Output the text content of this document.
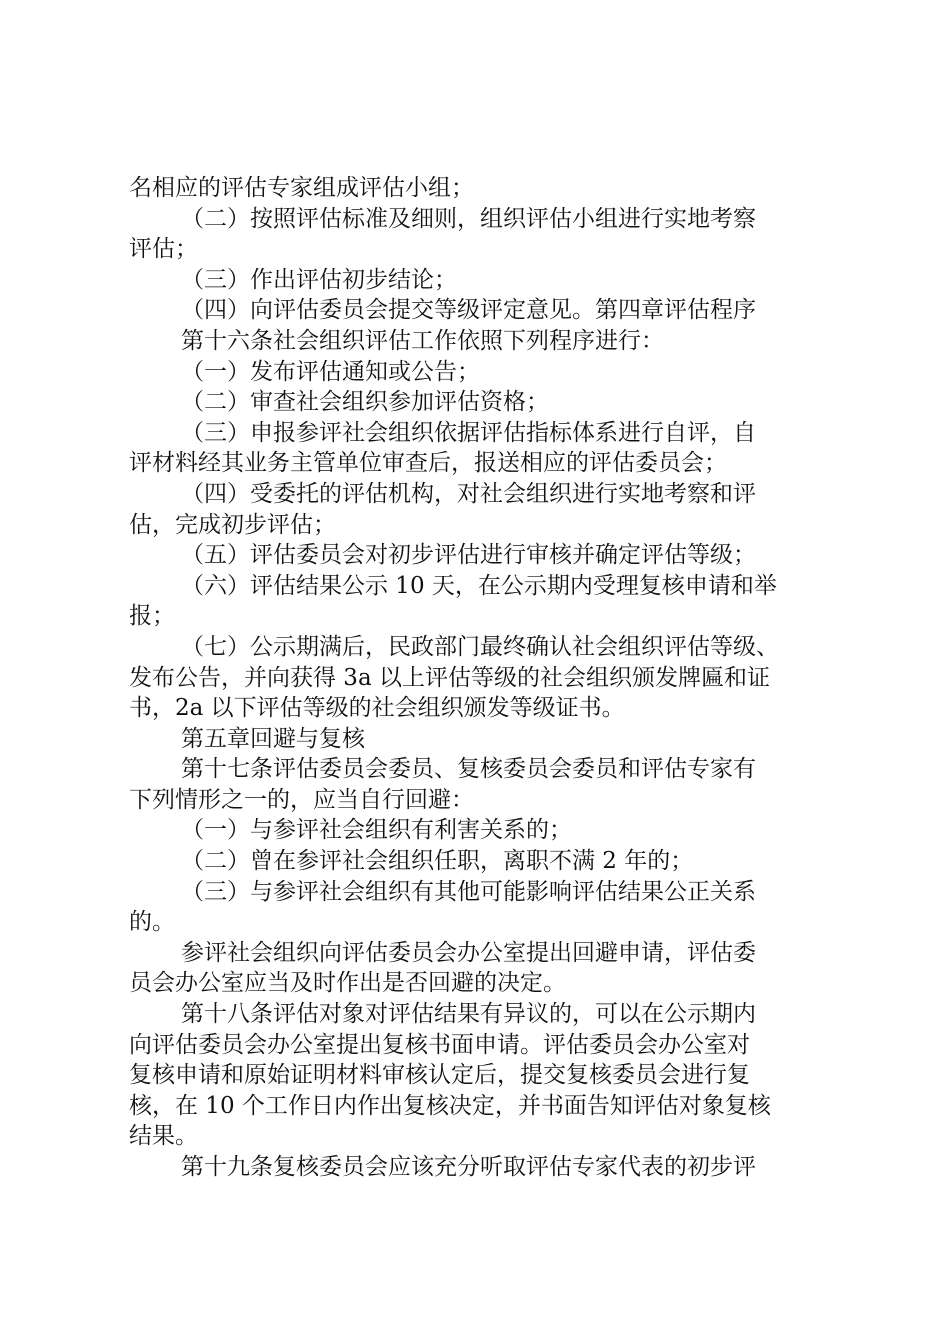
名相应的评估专家组成评估小组；

（二）按照评估标准及细则，组织评估小组进行实地考察

评估；

（三）作出评估初步结论；

（四）向评估委员会提交等级评定意见。第四章评估程序

第十六条社会组织评估工作依照下列程序进行：

（一）发布评估通知或公告；

（二）审查社会组织参加评估资格；

（三）申报参评社会组织依据评估指标体系进行自评，自

评材料经其业务主管单位审查后，报送相应的评估委员会；

（四）受委托的评估机构，对社会组织进行实地考察和评

估，完成初步评估；

（五）评估委员会对初步评估进行审核并确定评估等级；

（六）评估结果公示 10 天，在公示期内受理复核申请和举

报；

（七）公示期满后，民政部门最终确认社会组织评估等级、

发布公告，并向获得 3a 以上评估等级的社会组织颁发牌匾和证

书，2a 以下评估等级的社会组织颁发等级证书。

第五章回避与复核

第十七条评估委员会委员、复核委员会委员和评估专家有

下列情形之一的，应当自行回避：

（一）与参评社会组织有利害关系的；

（二）曾在参评社会组织任职，离职不满 2 年的；

（三）与参评社会组织有其他可能影响评估结果公正关系

的。

参评社会组织向评估委员会办公室提出回避申请，评估委

员会办公室应当及时作出是否回避的决定。

第十八条评估对象对评估结果有异议的，可以在公示期内

向评估委员会办公室提出复核书面申请。评估委员会办公室对

复核申请和原始证明材料审核认定后，提交复核委员会进行复

核，在 10 个工作日内作出复核决定，并书面告知评估对象复核

结果。

第十九条复核委员会应该充分听取评估专家代表的初步评
